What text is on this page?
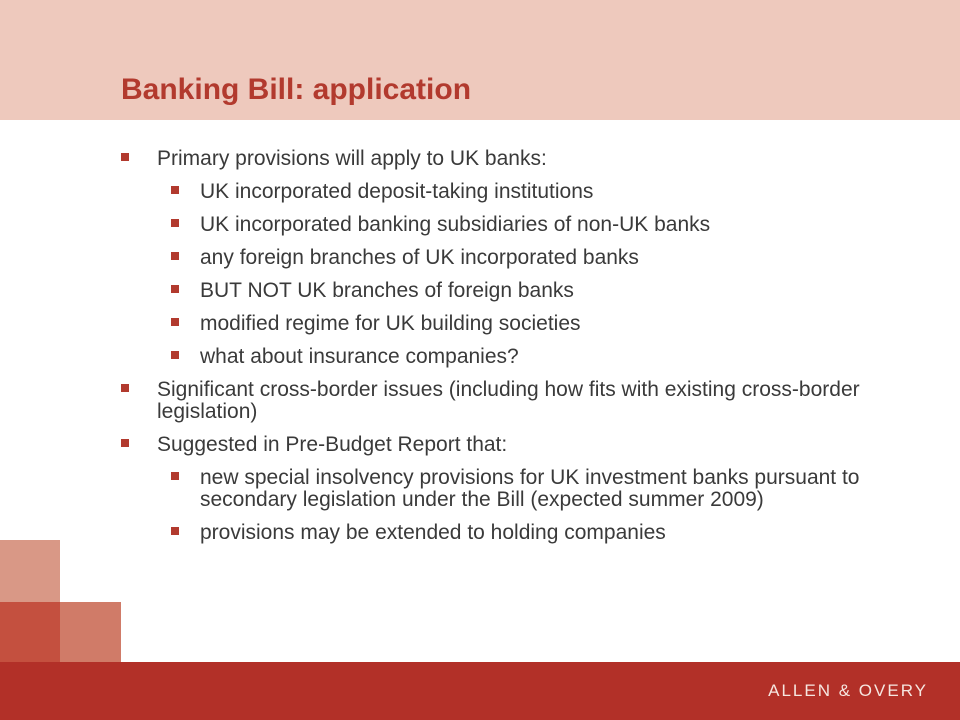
Banking Bill: application
Primary provisions will apply to UK banks:
UK incorporated deposit-taking institutions
UK incorporated banking subsidiaries of non-UK banks
any foreign branches of UK incorporated banks
BUT NOT UK branches of foreign banks
modified regime for UK building societies
what about insurance companies?
Significant cross-border issues (including how fits with existing cross-border legislation)
Suggested in Pre-Budget Report that:
new special insolvency provisions for UK investment banks pursuant to secondary legislation under the Bill (expected summer 2009)
provisions may be extended to holding companies
ALLEN & OVERY
